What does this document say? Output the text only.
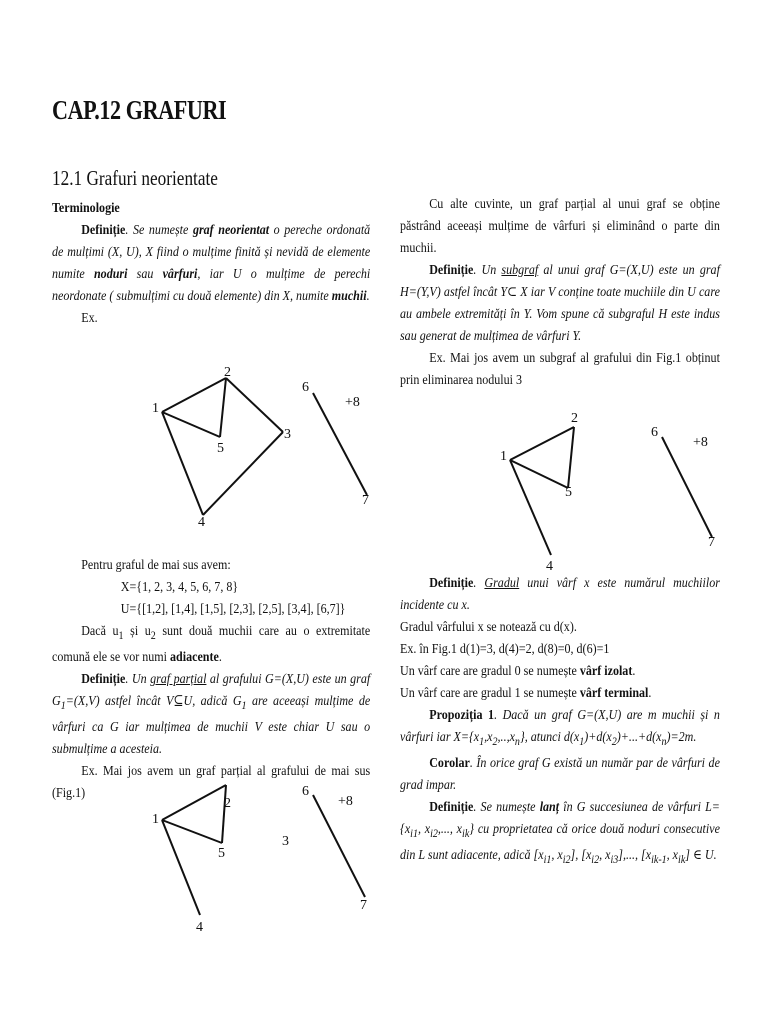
CAP.12 GRAFURI
12.1 Grafuri neorientate

Terminologie

Definiție. Se numește graf neorientat o pereche ordonată de mulțimi (X, U), X fiind o mulțime finită și nevidă de elemente numite noduri sau vârfuri, iar U o mulțime de perechi neordonate ( submulțimi cu două elemente) din X, numite muchii.

Ex.

1
2
3
4
5
6
7
+8

Pentru graful de mai sus avem:

X={1, 2, 3, 4, 5, 6, 7, 8}

U={[1,2], [1,4], [1,5], [2,3], [2,5], [3,4], [6,7]}

Dacă $u_1$ și $u_2$ sunt două muchii care au o extremitate comună ele se vor numi adiacente.

Definiție. Un graf parțial al grafului G=(X,U) este un graf $G_1=(X,V)$ astfel încât V⊆U, adică $G_1$ are aceeași mulțime de vârfuri ca G iar mulțimea de muchii V este chiar U sau o submulțime a acesteia.

Ex. Mai jos avem un graf parțial al grafului de mai sus (Fig.1)

1
2
3
4
5
6
7
+8

Cu alte cuvinte, un graf parțial al unui graf se obține păstrând aceeași mulțime de vârfuri și eliminând o parte din muchii.

Definiție. Un subgraf al unui graf G=(X,U) este un graf H=(Y,V) astfel încât Y⊂ X iar V conține toate muchiile din U care au ambele extremități în Y. Vom spune că subgraful H este indus sau generat de mulțimea de vârfuri Y.

Ex. Mai jos avem un subgraf al grafului din Fig.1 obținut prin eliminarea nodului 3

1
2
4
5
6
7
+8

Definiție. Gradul unui vârf x este numărul muchiilor incidente cu x.

Gradul vârfului x se notează cu d(x).

Ex. în Fig.1 d(1)=3, d(4)=2, d(8)=0, d(6)=1

Un vârf care are gradul 0 se numește vârf izolat.

Un vârf care are gradul 1 se numește vârf terminal.

Propoziția 1. Dacă un graf G=(X,U) are m muchii și n vârfuri iar $X=\{x_1,x_2,..,x_n\}$, atunci $d(x_1)+d(x_2)+...+d(x_n)=2m$.

Corolar. În orice graf G există un număr par de vârfuri de grad impar.

Definiție. Se numește lanț în G succesiunea de vârfuri $L=\{x_{i1}$, $x_{i2}$,..., $x_{ik}$} cu proprietatea că orice două noduri consecutive din L sunt adiacente, adică [$x_{i1}$, $x_{i2}$], [$x_{i2}$, $x_{i3}$],..., [$x_{ik-1}$, $x_{ik}$] ∈ U.
